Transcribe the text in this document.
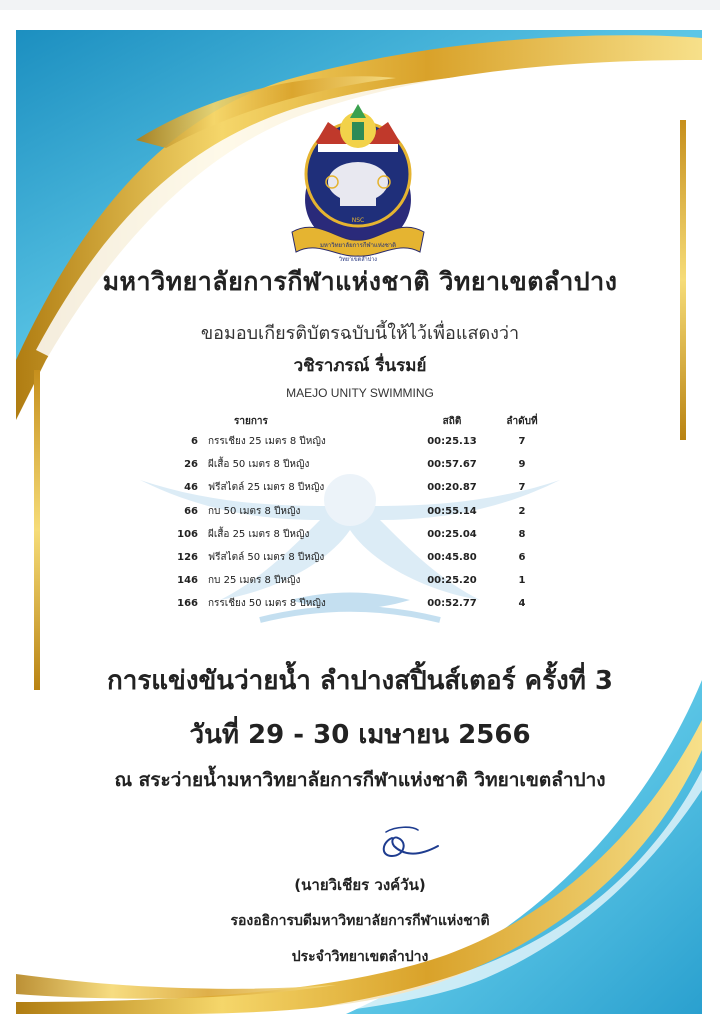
NSC
มหาวิทยาลัยการกีฬาแห่งชาติ
วิทยาเขตลำปาง
มหาวิทยาลัยการกีฬาแห่งชาติ วิทยาเขตลำปาง
ขอมอบเกียรติบัตรฉบับนี้ให้ไว้เพื่อแสดงว่า
วชิราภรณ์ รื่นรมย์
MAEJO UNITY SWIMMING
	รายการ	สถิติ	ลำดับที่
6	กรรเชียง 25 เมตร 8 ปีหญิง	00:25.13	7
26	ผีเสื้อ 50 เมตร 8 ปีหญิง	00:57.67	9
46	ฟรีสไตล์ 25 เมตร 8 ปีหญิง	00:20.87	7
66	กบ 50 เมตร 8 ปีหญิง	00:55.14	2
106	ผีเสื้อ 25 เมตร 8 ปีหญิง	00:25.04	8
126	ฟรีสไตล์ 50 เมตร 8 ปีหญิง	00:45.80	6
146	กบ 25 เมตร 8 ปีหญิง	00:25.20	1
166	กรรเชียง 50 เมตร 8 ปีหญิง	00:52.77	4
การแข่งขันว่ายน้ำ ลำปางสปิ้นส์เตอร์ ครั้งที่ 3
วันที่ 29 - 30 เมษายน 2566
ณ สระว่ายน้ำมหาวิทยาลัยการกีฬาแห่งชาติ วิทยาเขตลำปาง
(นายวิเชียร วงค์วัน)
รองอธิการบดีมหาวิทยาลัยการกีฬาแห่งชาติ
ประจำวิทยาเขตลำปาง
